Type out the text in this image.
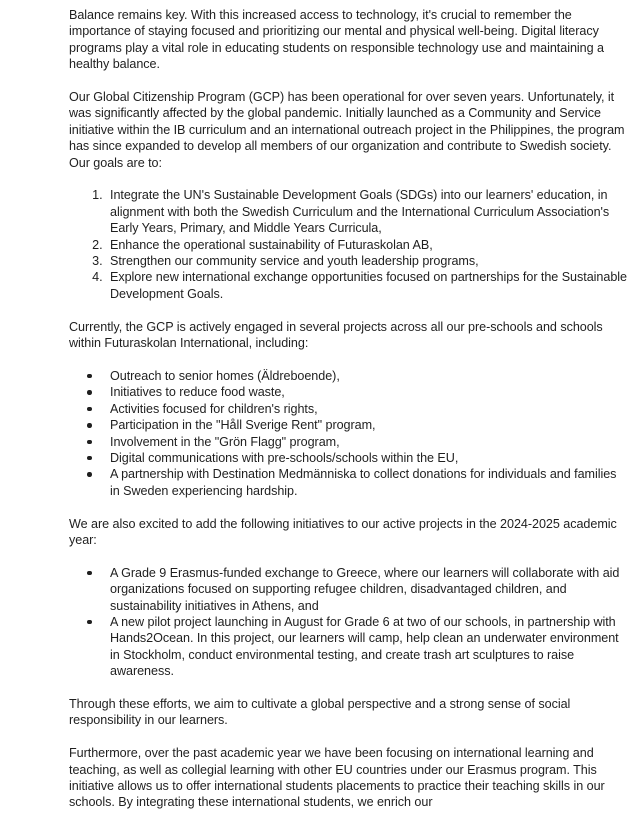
Balance remains key. With this increased access to technology, it's crucial to remember the importance of staying focused and prioritizing our mental and physical well-being. Digital literacy programs play a vital role in educating students on responsible technology use and maintaining a healthy balance.

Our Global Citizenship Program (GCP) has been operational for over seven years. Unfortunately, it was significantly affected by the global pandemic. Initially launched as a Community and Service initiative within the IB curriculum and an international outreach project in the Philippines, the program has since expanded to develop all members of our organization and contribute to Swedish society. Our goals are to:

1. Integrate the UN's Sustainable Development Goals (SDGs) into our learners' education, in alignment with both the Swedish Curriculum and the International Curriculum Association's Early Years, Primary, and Middle Years Curricula,
2. Enhance the operational sustainability of Futuraskolan AB,
3. Strengthen our community service and youth leadership programs,
4. Explore new international exchange opportunities focused on partnerships for the Sustainable Development Goals.

Currently, the GCP is actively engaged in several projects across all our pre-schools and schools within Futuraskolan International, including:

Outreach to senior homes (Äldreboende),
Initiatives to reduce food waste,
Activities focused for children's rights,
Participation in the "Håll Sverige Rent" program,
Involvement in the "Grön Flagg" program,
Digital communications with pre-schools/schools within the EU,
A partnership with Destination Medmänniska to collect donations for individuals and families in Sweden experiencing hardship.

We are also excited to add the following initiatives to our active projects in the 2024-2025 academic year:

A Grade 9 Erasmus-funded exchange to Greece, where our learners will collaborate with aid organizations focused on supporting refugee children, disadvantaged children, and sustainability initiatives in Athens, and
A new pilot project launching in August for Grade 6 at two of our schools, in partnership with Hands2Ocean. In this project, our learners will camp, help clean an underwater environment in Stockholm, conduct environmental testing, and create trash art sculptures to raise awareness.

Through these efforts, we aim to cultivate a global perspective and a strong sense of social responsibility in our learners.

Furthermore, over the past academic year we have been focusing on international learning and teaching, as well as collegial learning with other EU countries under our Erasmus program. This initiative allows us to offer international students placements to practice their teaching skills in our schools. By integrating these international students, we enrich our
